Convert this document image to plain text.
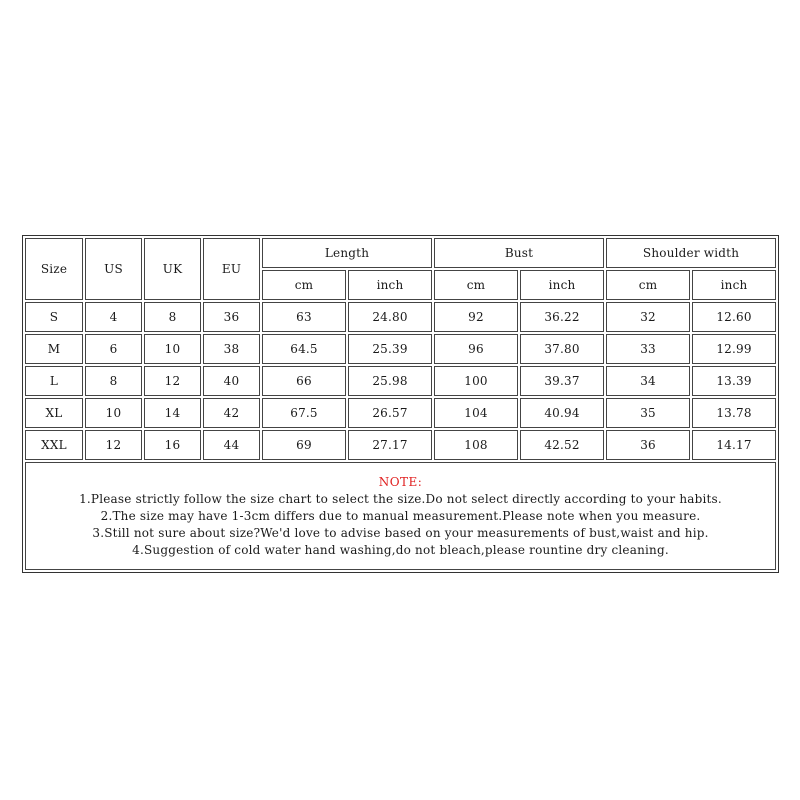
Size	US	UK	EU	Length		Bust		Shoulder width	
				cm	inch	cm	inch	cm	inch
S	4	8	36	63	24.80	92	36.22	32	12.60
M	6	10	38	64.5	25.39	96	37.80	33	12.99
L	8	12	40	66	25.98	100	39.37	34	13.39
XL	10	14	42	67.5	26.57	104	40.94	35	13.78
XXL	12	16	44	69	27.17	108	42.52	36	14.17

NOTE:
1.Please strictly follow the size chart to select the size.Do not select directly according to your habits.
2.The size may have 1-3cm differs due to manual measurement.Please note when you measure.
3.Still not sure about size?We'd love to advise based on your measurements of bust,waist and hip.
4.Suggestion of cold water hand washing,do not bleach,please rountine dry cleaning.									
